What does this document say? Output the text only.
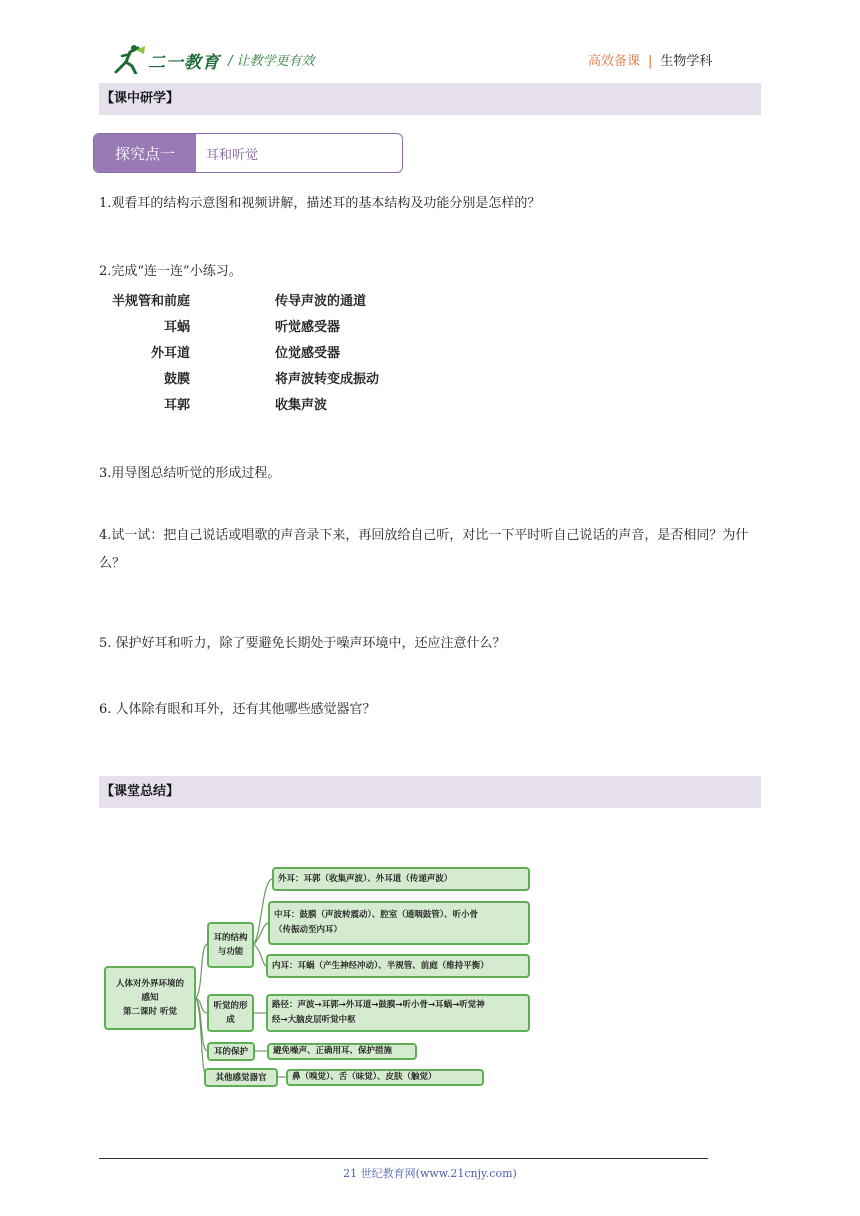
二一教育 / 让教学更有效	高效备课 | 生物学科
【课中研学】
探究点一	耳和听觉
1.观看耳的结构示意图和视频讲解，描述耳的基本结构及功能分别是怎样的？
2.完成“连一连”小练习。
半规管和前庭
耳蜗
外耳道
鼓膜
耳郭
传导声波的通道
听觉感受器
位觉感受器
将声波转变成振动
收集声波
3.用导图总结听觉的形成过程。
4.试一试：把自己说话或唱歌的声音录下来，再回放给自己听，对比一下平时听自己说话的声音，是否相同？为什么？
5. 保护好耳和听力，除了要避免长期处于噪声环境中，还应注意什么？
6. 人体除有眼和耳外，还有其他哪些感觉器官？
【课堂总结】
人体对外界环境的
感知
第二课时 听觉
耳的结构
与功能
听觉的形
成
耳的保护
其他感觉器官
外耳：耳郭（收集声波）、外耳道（传递声波）
中耳：鼓膜（声波转震动）、腔室（通咽鼓管）、听小骨
（传振动至内耳）
内耳：耳蜗（产生神经冲动）、半规管、前庭（维持平衡）
路径：声波→耳郭→外耳道→鼓膜→听小骨→耳蜗→听觉神
经→大脑皮层听觉中枢
避免噪声、正确用耳、保护措施
鼻（嗅觉）、舌（味觉）、皮肤（触觉）
21 世纪教育网(www.21cnjy.com)
